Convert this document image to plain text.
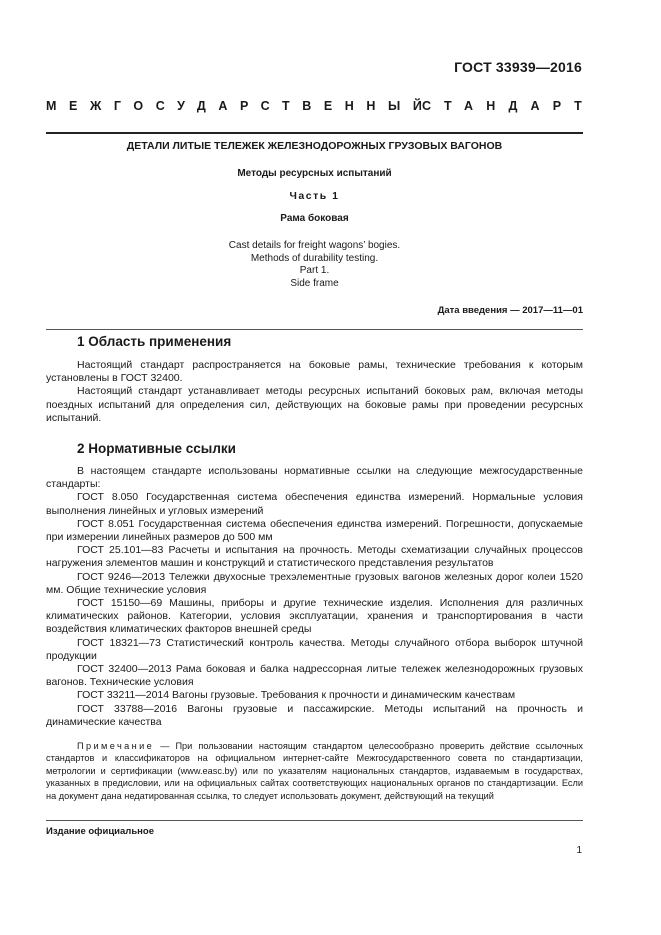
ГОСТ 33939—2016
МЕЖГОСУДАРСТВЕННЫЙ
СТАНДАРТ
ДЕТАЛИ ЛИТЫЕ ТЕЛЕЖЕК ЖЕЛЕЗНОДОРОЖНЫХ ГРУЗОВЫХ ВАГОНОВ
Методы ресурсных испытаний
Часть 1
Рама боковая
Cast details for freight wagons’ bogies.
Methods of durability testing.
Part 1.
Side frame
Дата введения — 2017—11—01
1 Область применения

Настоящий стандарт распространяется на боковые рамы, технические требования к которым установлены в ГОСТ 32400.

Настоящий стандарт устанавливает методы ресурсных испытаний боковых рам, включая методы поездных испытаний для определения сил, действующих на боковые рамы при проведении ресурсных испытаний.

2 Нормативные ссылки

В настоящем стандарте использованы нормативные ссылки на следующие межгосударственные стандарты:

ГОСТ 8.050 Государственная система обеспечения единства измерений. Нормальные условия выполнения линейных и угловых измерений

ГОСТ 8.051 Государственная система обеспечения единства измерений. Погрешности, допускаемые при измерении линейных размеров до 500 мм

ГОСТ 25.101—83 Расчеты и испытания на прочность. Методы схематизации случайных процессов нагружения элементов машин и конструкций и статистического представления результатов

ГОСТ 9246—2013 Тележки двухосные трехэлементные грузовых вагонов железных дорог колеи 1520 мм. Общие технические условия

ГОСТ 15150—69 Машины, приборы и другие технические изделия. Исполнения для различных климатических районов. Категории, условия эксплуатации, хранения и транспортирования в части воздействия климатических факторов внешней среды

ГОСТ 18321—73 Статистический контроль качества. Методы случайного отбора выборок штучной продукции

ГОСТ 32400—2013 Рама боковая и балка надрессорная литые тележек железнодорожных грузовых вагонов. Технические условия

ГОСТ 33211—2014 Вагоны грузовые. Требования к прочности и динамическим качествам

ГОСТ 33788—2016 Вагоны грузовые и пассажирские. Методы испытаний на прочность и динамические качества

Примечание — При пользовании настоящим стандартом целесообразно проверить действие ссылочных стандартов и классификаторов на официальном интернет-сайте Межгосударственного совета по стандартизации, метрологии и сертификации (www.easc.by) или по указателям национальных стандартов, издаваемым в государствах, указанных в предисловии, или на официальных сайтах соответствующих национальных органов по стандартизации. Если на документ дана недатированная ссылка, то следует использовать документ, действующий на текущий

Издание официальное
1
